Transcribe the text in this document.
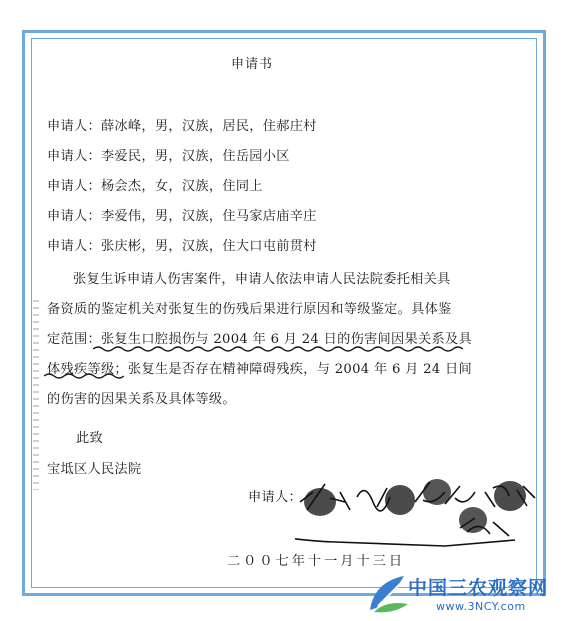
申请书
申请人：薛冰峰，男，汉族，居民，住郝庄村
申请人：李爱民，男，汉族，住岳园小区
申请人：杨会杰，女，汉族，住同上
申请人：李爱伟，男，汉族，住马家店庙辛庄
申请人：张庆彬，男，汉族，住大口屯前贯村
张复生诉申请人伤害案件，申请人依法申请人民法院委托相关具
备资质的鉴定机关对张复生的伤残后果进行原因和等级鉴定。具体鉴
定范围：张复生口腔损伤与 2004 年 6 月 24 日的伤害间因果关系及具
体残疾等级；张复生是否存在精神障碍残疾，与 2004 年 6 月 24 日间
的伤害的因果关系及具体等级。
此致
宝坻区人民法院
申请人：
二００七年十一月十三日
中国三农观察网
www.3NCY.com
